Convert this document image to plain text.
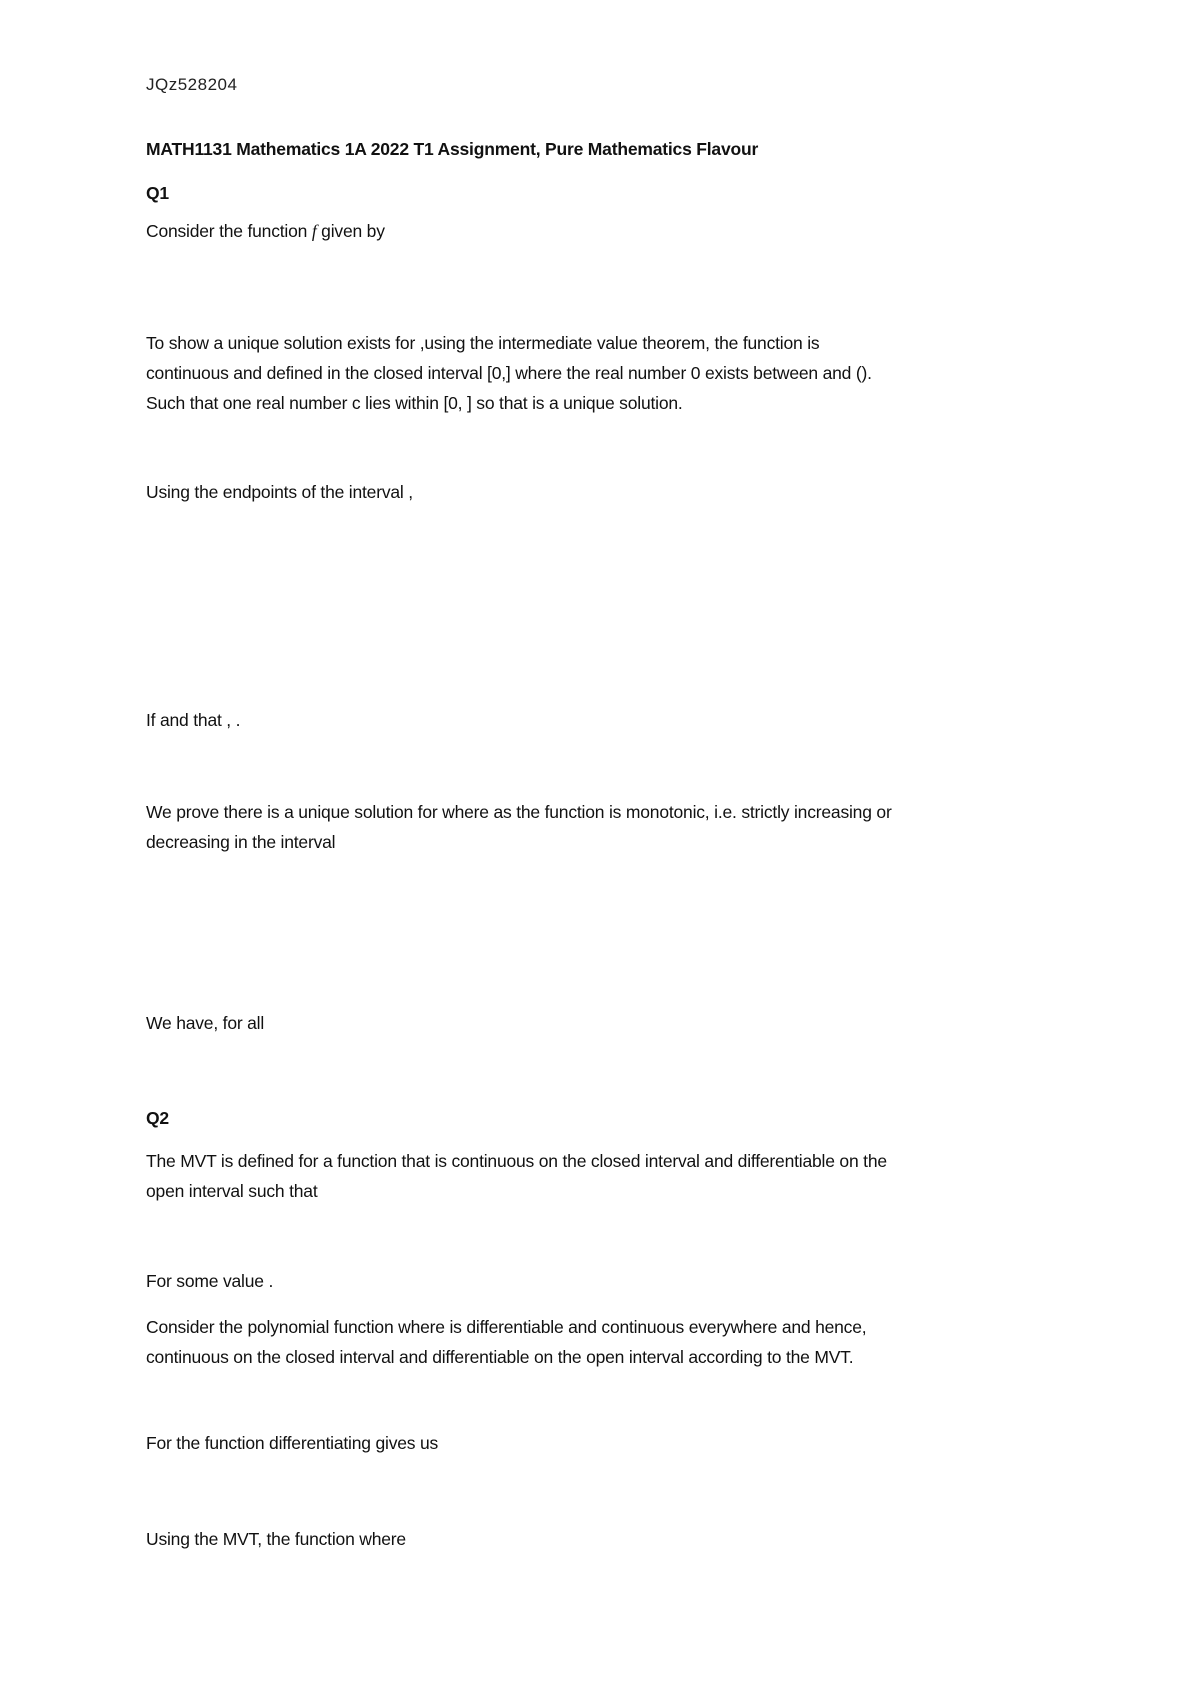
JQz528204
MATH1131 Mathematics 1A 2022 T1 Assignment, Pure Mathematics Flavour
Q1
Consider the function f given by
To show a unique solution exists for ,using the intermediate value theorem, the function is
continuous and defined in the closed interval [0,] where the real number 0 exists between and ().
Such that one real number c lies within [0, ] so that is a unique solution.
Using the endpoints of the interval ,
If and that , .
We prove there is a unique solution for where as the function is monotonic, i.e. strictly increasing or
decreasing in the interval
We have, for all
Q2
The MVT is defined for a function that is continuous on the closed interval and differentiable on the
open interval such that
For some value .
Consider the polynomial function where is differentiable and continuous everywhere and hence,
continuous on the closed interval and differentiable on the open interval according to the MVT.
For the function differentiating gives us
Using the MVT, the function where
